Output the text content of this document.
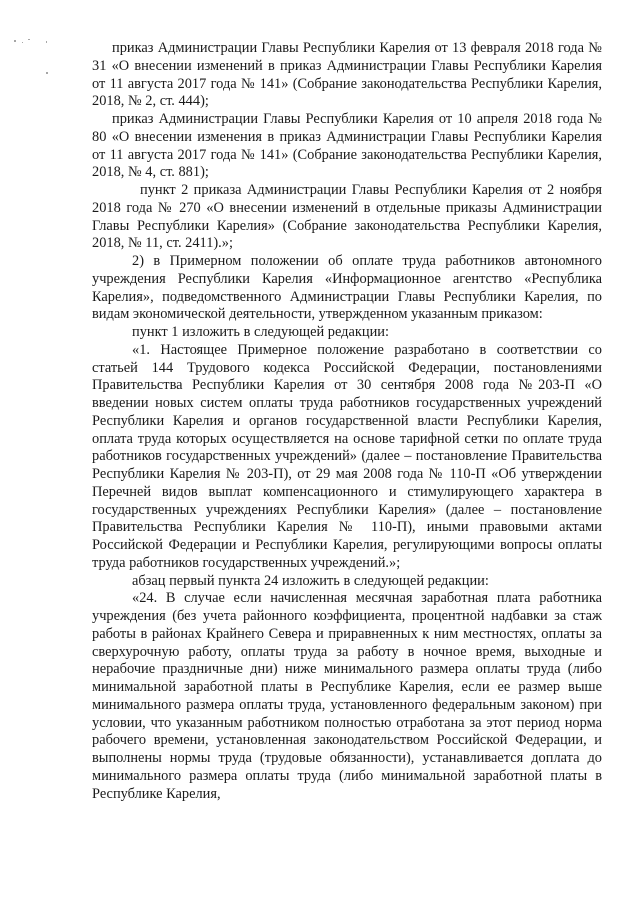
приказ Администрации Главы Республики Карелия от 13 февраля 2018 года № 31 «О внесении изменений в приказ Администрации Главы Республики Карелия от 11 августа 2017 года № 141» (Собрание законодательства Республики Карелия, 2018, № 2, ст. 444);

приказ Администрации Главы Республики Карелия от 10 апреля 2018 года № 80 «О внесении изменения в приказ Администрации Главы Республики Карелия от 11 августа 2017 года № 141» (Собрание законодательства Республики Карелия, 2018, № 4, ст. 881);

пункт 2 приказа Администрации Главы Республики Карелия от 2 ноября 2018 года № 270 «О внесении изменений в отдельные приказы Администрации Главы Республики Карелия» (Собрание законодательства Республики Карелия, 2018, № 11, ст. 2411).»;

2) в Примерном положении об оплате труда работников автономного учреждения Республики Карелия «Информационное агентство «Республика Карелия», подведомственного Администрации Главы Республики Карелия, по видам экономической деятельности, утвержденном указанным приказом:

пункт 1 изложить в следующей редакции:

«1. Настоящее Примерное положение разработано в соответствии со статьей 144 Трудового кодекса Российской Федерации, постановлениями Правительства Республики Карелия от 30 сентября 2008 года №203-П «О введении новых систем оплаты труда работников государственных учреждений Республики Карелия и органов государственной власти Республики Карелия, оплата труда которых осуществляется на основе тарифной сетки по оплате труда работников государственных учреждений» (далее – постановление Правительства Республики Карелия № 203-П), от 29 мая 2008 года № 110-П «Об утверждении Перечней видов выплат компенсационного и стимулирующего характера в государственных учреждениях Республики Карелия» (далее – постановление Правительства Республики Карелия № 110-П), иными правовыми актами Российской Федерации и Республики Карелия, регулирующими вопросы оплаты труда работников государственных учреждений.»;

абзац первый пункта 24 изложить в следующей редакции:

«24. В случае если начисленная месячная заработная плата работника учреждения (без учета районного коэффициента, процентной надбавки за стаж работы в районах Крайнего Севера и приравненных к ним местностях, оплаты за сверхурочную работу, оплаты труда за работу в ночное время, выходные и нерабочие праздничные дни) ниже минимального размера оплаты труда (либо минимальной заработной платы в Республике Карелия, если ее размер выше минимального размера оплаты труда, установленного федеральным законом) при условии, что указанным работником полностью отработана за этот период норма рабочего времени, установленная законодательством Российской Федерации, и выполнены нормы труда (трудовые обязанности), устанавливается доплата до минимального размера оплаты труда (либо минимальной заработной платы в Республике Карелия,
